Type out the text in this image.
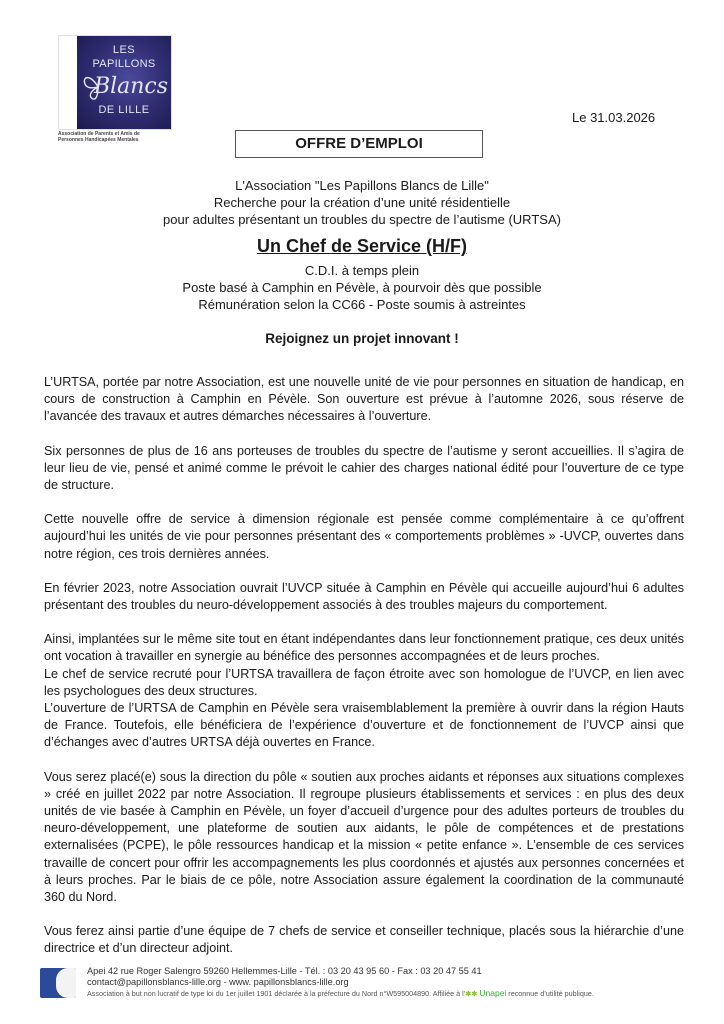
LES
PAPILLONS
Blancs
DE LILLE
Association de Parents et Amis de
Personnes Handicapées Mentales
Le 31.03.2026
OFFRE D’EMPLOI
L'Association "Les Papillons Blancs de Lille"
Recherche pour la création d’une unité résidentielle
pour adultes présentant un troubles du spectre de l’autisme (URTSA)
Un Chef de Service (H/F)
C.D.I. à temps plein
Poste basé à Camphin en Pévèle, à pourvoir dès que possible
Rémunération selon la CC66 - Poste soumis à astreintes
Rejoignez un projet innovant !

L’URTSA, portée par notre Association, est une nouvelle unité de vie pour personnes en situation de handicap, en cours de construction à Camphin en Pévèle. Son ouverture est prévue à l’automne 2026, sous réserve de l’avancée des travaux et autres démarches nécessaires à l’ouverture.

Six personnes de plus de 16 ans porteuses de troubles du spectre de l’autisme y seront accueillies. Il s’agira de leur lieu de vie, pensé et animé comme le prévoit le cahier des charges national édité pour l’ouverture de ce type de structure.

Cette nouvelle offre de service à dimension régionale est pensée comme complémentaire à ce qu’offrent aujourd’hui les unités de vie pour personnes présentant des « comportements problèmes » -UVCP, ouvertes dans notre région, ces trois dernières années.

En février 2023, notre Association ouvrait l’UVCP située à Camphin en Pévèle qui accueille aujourd’hui 6 adultes présentant des troubles du neuro-développement associés à des troubles majeurs du comportement.

Ainsi, implantées sur le même site tout en étant indépendantes dans leur fonctionnement pratique, ces deux unités ont vocation à travailler en synergie au bénéfice des personnes accompagnées et de leurs proches.
Le chef de service recruté pour l’URTSA travaillera de façon étroite avec son homologue de l’UVCP, en lien avec les psychologues des deux structures.
L’ouverture de l’URTSA de Camphin en Pévèle sera vraisemblablement la première à ouvrir dans la région Hauts de France. Toutefois, elle bénéficiera de l’expérience d’ouverture et de fonctionnement de l’UVCP ainsi que d’échanges avec d’autres URTSA déjà ouvertes en France.

Vous serez placé(e) sous la direction du pôle « soutien aux proches aidants et réponses aux situations complexes » créé en juillet 2022 par notre Association. Il regroupe plusieurs établissements et services : en plus des deux unités de vie basée à Camphin en Pévèle, un foyer d’accueil d’urgence pour des adultes porteurs de troubles du neuro-développement, une plateforme de soutien aux aidants, le pôle de compétences et de prestations externalisées (PCPE), le pôle ressources handicap et la mission « petite enfance ». L’ensemble de ces services travaille de concert pour offrir les accompagnements les plus coordonnés et ajustés aux personnes concernées et à leurs proches. Par le biais de ce pôle, notre Association assure également la coordination de la communauté 360 du Nord.

Vous ferez ainsi partie d’une équipe de 7 chefs de service et conseiller technique, placés sous la hiérarchie d’une directrice et d’un directeur adjoint.

Apei 42 rue Roger Salengro 59260 Hellemmes-Lille - Tél. : 03 20 43 95 60 - Fax : 03 20 47 55 41
contact@papillonsblancs-lille.org - www. papillonsblancs-lille.org
Association à but non lucratif de type loi du 1er juillet 1901 déclarée à la préfecture du Nord n°W595004890. Affiliée à l’✱✱ Unapei reconnue d’utilité publique.
